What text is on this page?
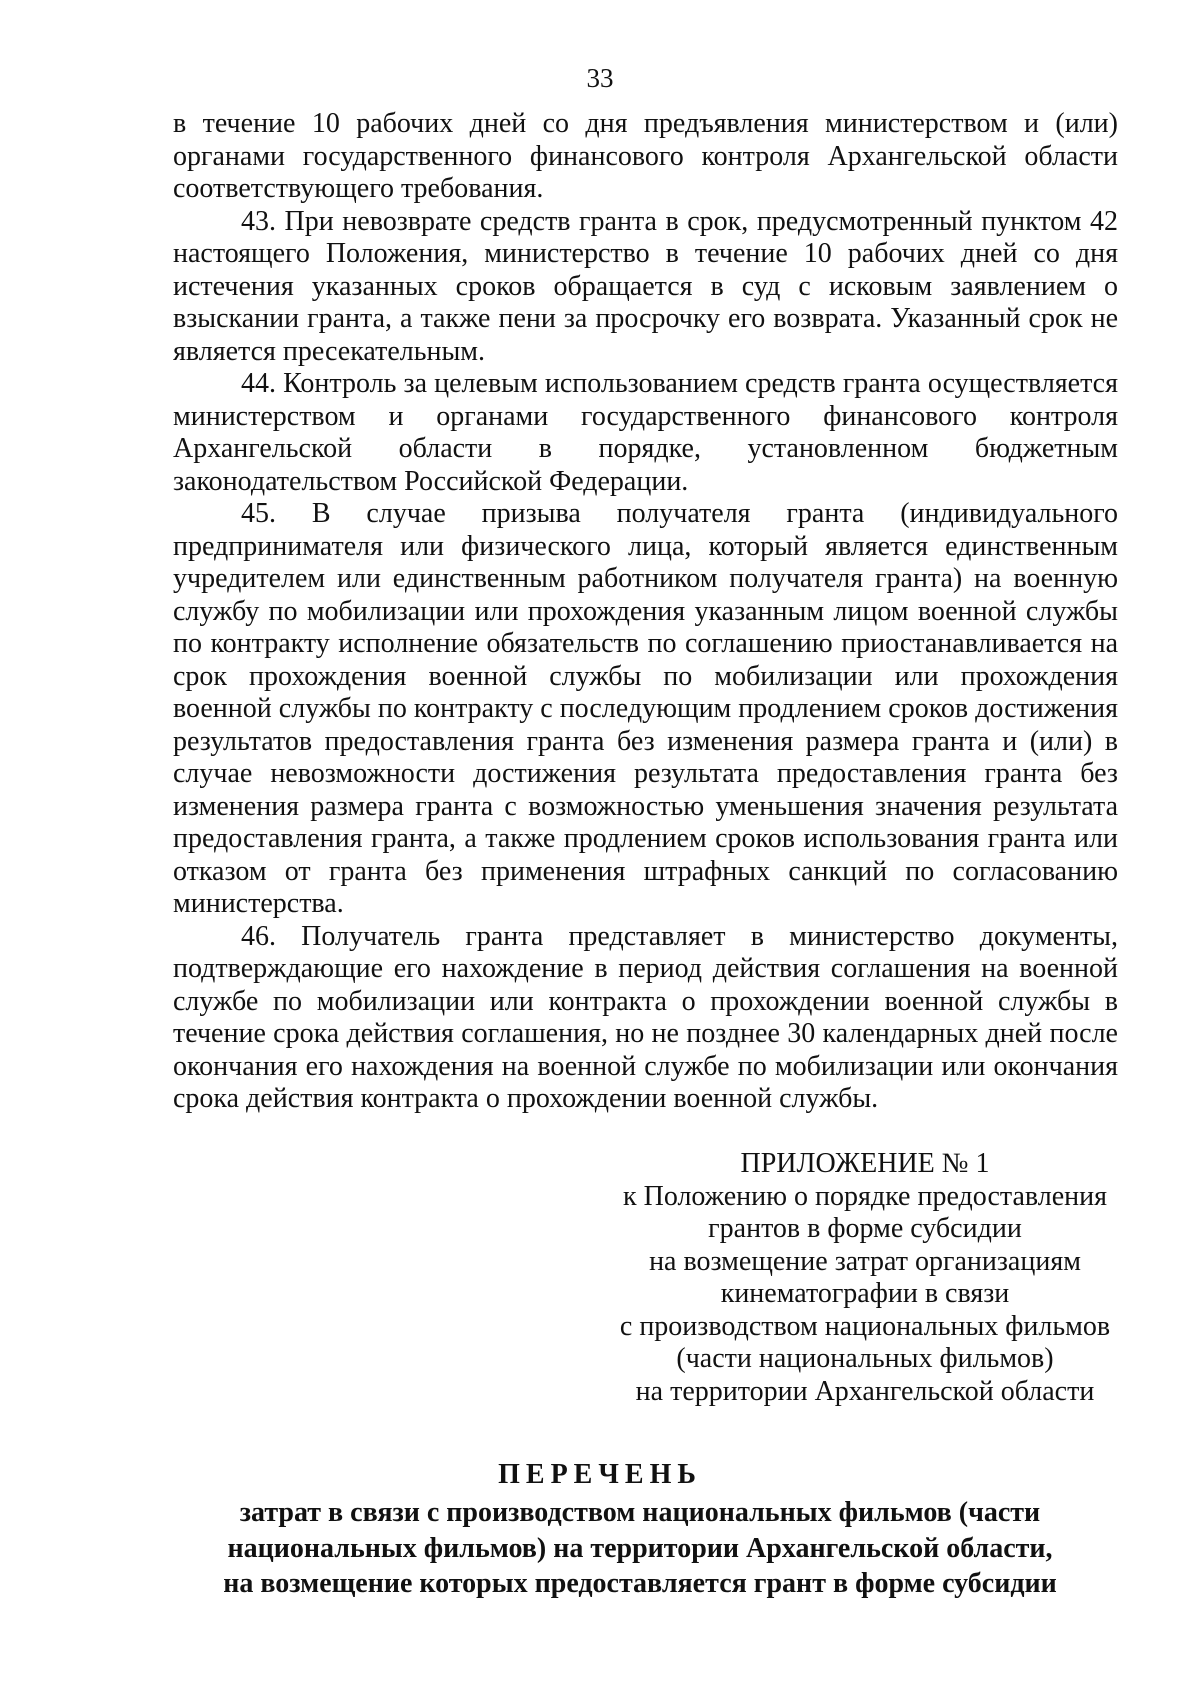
33

в течение 10 рабочих дней со дня предъявления министерством и (или) органами государственного финансового контроля Архангельской области соответствующего требования.

43. При невозврате средств гранта в срок, предусмотренный пунктом 42 настоящего Положения, министерство в течение 10 рабочих дней со дня истечения указанных сроков обращается в суд с исковым заявлением о взыскании гранта, а также пени за просрочку его возврата. Указанный срок не является пресекательным.

44. Контроль за целевым использованием средств гранта осуществляется министерством и органами государственного финансового контроля Архангельской области в порядке, установленном бюджетным законодательством Российской Федерации.

45. В случае призыва получателя гранта (индивидуального предпринимателя или физического лица, который является единственным учредителем или единственным работником получателя гранта) на военную службу по мобилизации или прохождения указанным лицом военной службы по контракту исполнение обязательств по соглашению приостанавливается на срок прохождения военной службы по мобилизации или прохождения военной службы по контракту с последующим продлением сроков достижения результатов предоставления гранта без изменения размера гранта и (или) в случае невозможности достижения результата предоставления гранта без изменения размера гранта с возможностью уменьшения значения результата предоставления гранта, а также продлением сроков использования гранта или отказом от гранта без применения штрафных санкций по согласованию министерства.

46. Получатель гранта представляет в министерство документы, подтверждающие его нахождение в период действия соглашения на военной службе по мобилизации или контракта о прохождении военной службы в течение срока действия соглашения, но не позднее 30 календарных дней после окончания его нахождения на военной службе по мобилизации или окончания срока действия контракта о прохождении военной службы.

ПРИЛОЖЕНИЕ № 1
к Положению о порядке предоставления
грантов в форме субсидии
на возмещение затрат организациям
кинематографии в связи
с производством национальных фильмов
(части национальных фильмов)
на территории Архангельской области
ПЕРЕЧЕНЬ
затрат в связи с производством национальных фильмов (части
национальных фильмов) на территории Архангельской области,
на возмещение которых предоставляется грант в форме субсидии
